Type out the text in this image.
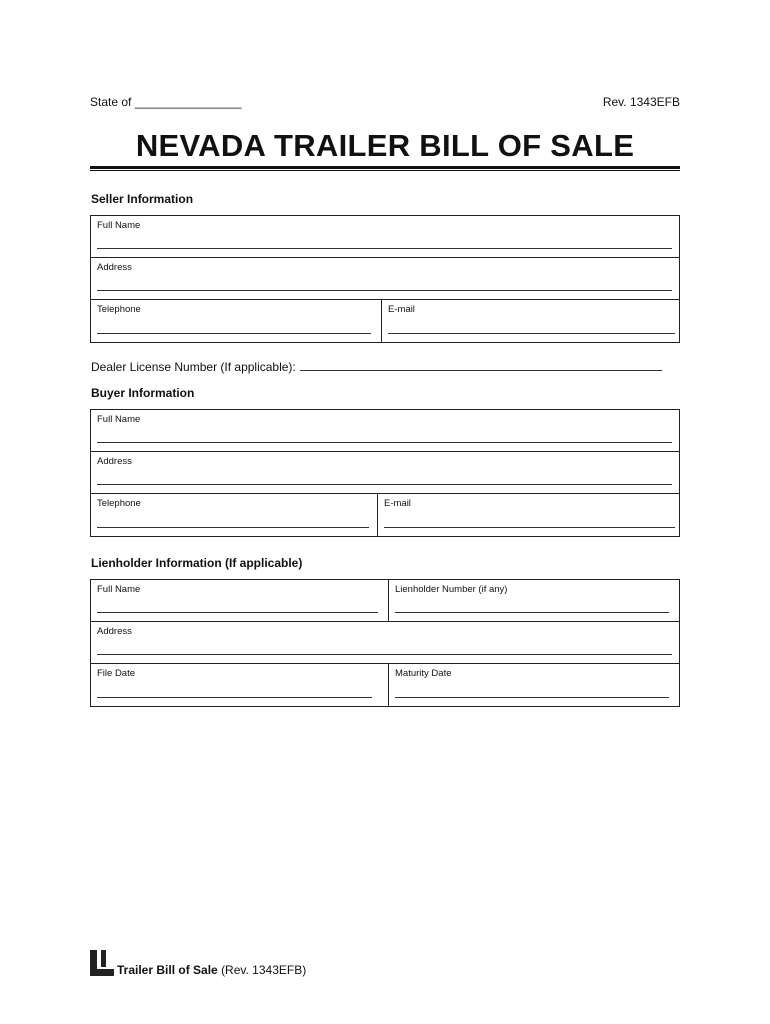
State of ________________	Rev. 1343EFB
NEVADA TRAILER BILL OF SALE
Seller Information
Full Name
Address
Telephone	E-mail
Dealer License Number (If applicable):
Buyer Information
Full Name
Address
Telephone	E-mail
Lienholder Information (If applicable)
Full Name	Lienholder Number (if any)
Address
File Date	Maturity Date
Trailer Bill of Sale (Rev. 1343EFB)
